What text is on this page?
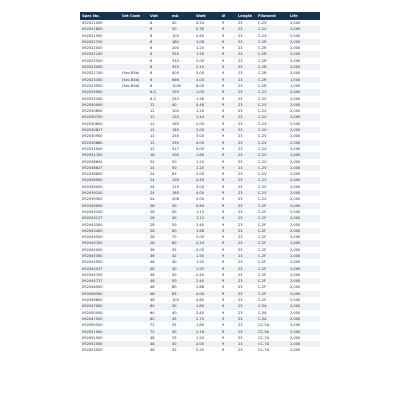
Spec No.	Set Code	Volt	mA	Watt	Ø	Length	Filament	Life
092021000		6	40	0.24	9	23	C-2V	2,000
092021800		6	50	0.30	9	23	C-2V	2,000
092021900		6	100	0.60	9	23	C-2V	2,000
092021700		6	180	1.08	9	23	C-2R	2,000
092022000		6	200	1.20	9	23	C-2R	2,000
092022100		6	250	1.50	9	23	C-2R	2,000
092022500		6	333	2.00	9	23	C-2R	2,000
092023000		6	350	2.10	9	23	C-2R	2,000
092022700	(Sec.B5d)	6	500	3.00	9	23	C-2R	2,000
092023300	(Sec.B5d)	6	666	4.00	9	23	C-2R	1,500
092023500	(Sec.B5d)	6	1000	6.00	9	23	C-2R	1,000
092024900		6.3	150	1.00	9	23	C-2V	2,000
092025200		6.3	250	1.58	9	23	C-2V	2,000
092030000		12	40	0.48	9	23	C-2V	2,000
092030600		12	100	1.20	9	23	C-2V	2,000
092030700		12	120	1.44	9	23	C-2V	2,000
092030800		12	165	2.00	9	23	C-2V	2,000
092030827		12	165	2.00	9	23	C-2V	2,000
092030900		12	250	3.00	9	23	C-2V	2,000
092030880		12	335	4.00	9	23	C-2V	2,000
092031000		12	417	5.00	9	23	C-2V	2,000
092031700		18	100	1.80	9	23	C-2V	2,000
092038600		24	50	1.20	9	23	C-2V	2,000
092038627		24	50	1.20	9	23	C-2V	2,000
092038800		24	83	2.00	9	23	C-2V	2,000
092038900		24	100	2.40	9	23	C-2V	2,000
092039000		24	125	3.00	9	23	C-2V	2,000
092039100		24	165	4.00	9	23	C-2V	2,000
092039300		24	208	5.00	9	23	C-2V	2,000
092043000		28	30	0.84	9	23	C-2F	2,000
092043100		28	40	1.12	9	23	C-2F	2,000
092043127		28	40	1.12	9	23	C-2F	2,000
092043300		28	50	1.40	9	23	C-2F	2,000
092043400		28	60	1.68	9	23	C-2F	2,000
092043500		28	70	2.00	9	23	C-2F	2,000
092043700		28	80	2.24	9	23	C-2F	2,000
092045000		36	55	2.00	9	23	C-2F	2,000
092045300		36	42	1.50	9	23	C-2F	2,000
092045500		48	40	1.92	9	23	C-2F	2,000
092045527		48	40	1.92	9	23	C-2F	2,000
092045700		48	50	2.40	9	23	C-2F	2,000
092045727		48	50	2.40	9	23	C-2F	2,000
092046000		48	60	2.88	9	23	C-2F	2,000
092046300		48	83	4.00	9	23	C-2F	2,000
092046600		48	100	4.80	9	23	C-2F	2,000
092047000		60	30	1.80	9	23	C-5A	2,000
092050000		60	40	2.40	9	23	C-5A	2,000
092047500		60	45	2.70	9	23	C-5A	2,000
092050500		72	25	1.80	9	23	CC-5A	2,000
092051000		72	30	2.16	9	23	CC-5A	2,000
092051500		48	25	1.20	9	23	CC-7A	2,000
092052000		48	40	2.00	9	23	CC-7A	2,000
092053000		48	52	2.50	9	23	CC-7A	2,000
